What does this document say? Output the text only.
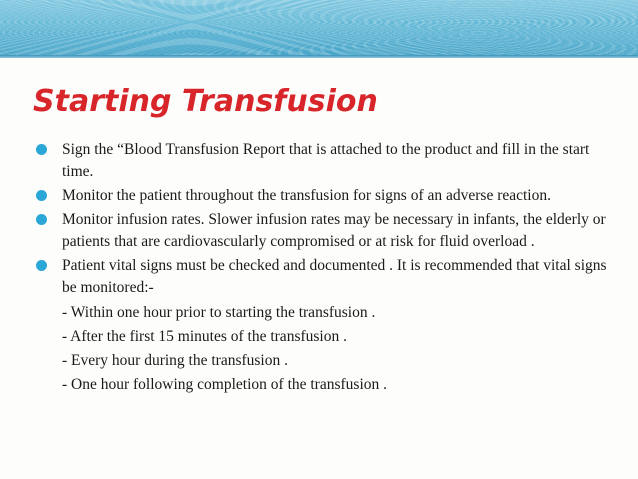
Starting Transfusion
Sign the “Blood Transfusion Report that is attached to the product and fill in the start time.
Monitor the patient throughout the transfusion for signs of an adverse reaction.
Monitor infusion rates. Slower infusion rates may be necessary in infants, the elderly or patients that are cardiovascularly compromised or at risk for fluid overload .
Patient vital signs must be checked and documented . It is recommended that vital signs be monitored:-

- Within one hour prior to starting the transfusion .

- After the first 15 minutes of the transfusion .

- Every hour during the transfusion .

- One hour following completion of the transfusion .
